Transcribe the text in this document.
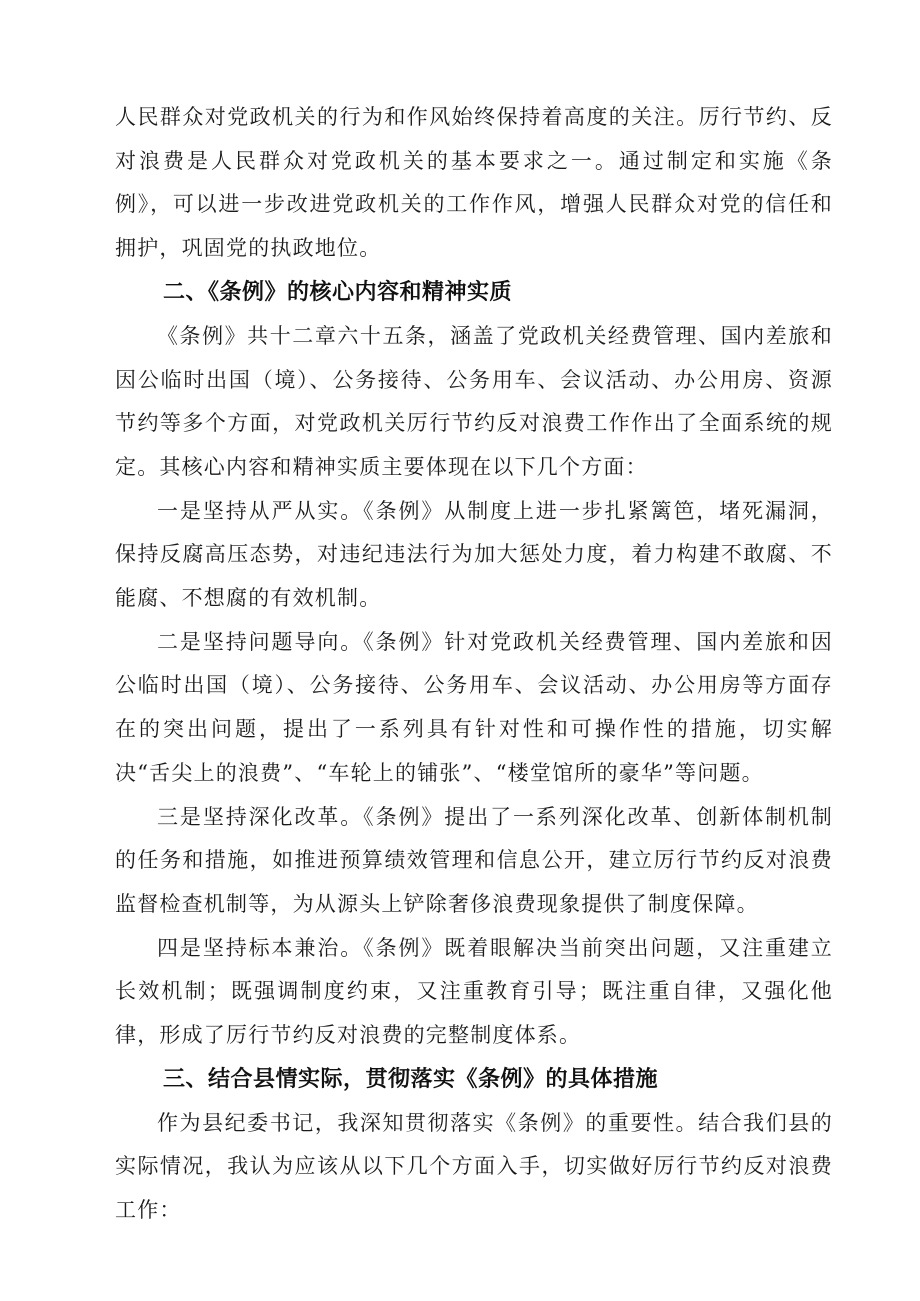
人民群众对党政机关的行为和作风始终保持着高度的关注。厉行节约、反对浪费是人民群众对党政机关的基本要求之一。通过制定和实施《条例》，可以进一步改进党政机关的工作作风，增强人民群众对党的信任和拥护，巩固党的执政地位。

二、《条例》的核心内容和精神实质

《条例》共十二章六十五条，涵盖了党政机关经费管理、国内差旅和因公临时出国（境）、公务接待、公务用车、会议活动、办公用房、资源节约等多个方面，对党政机关厉行节约反对浪费工作作出了全面系统的规定。其核心内容和精神实质主要体现在以下几个方面：

一是坚持从严从实。《条例》从制度上进一步扎紧篱笆，堵死漏洞，保持反腐高压态势，对违纪违法行为加大惩处力度，着力构建不敢腐、不能腐、不想腐的有效机制。

二是坚持问题导向。《条例》针对党政机关经费管理、国内差旅和因公临时出国（境）、公务接待、公务用车、会议活动、办公用房等方面存在的突出问题，提出了一系列具有针对性和可操作性的措施，切实解决“舌尖上的浪费”、“车轮上的铺张”、“楼堂馆所的豪华”等问题。

三是坚持深化改革。《条例》提出了一系列深化改革、创新体制机制的任务和措施，如推进预算绩效管理和信息公开，建立厉行节约反对浪费监督检查机制等，为从源头上铲除奢侈浪费现象提供了制度保障。

四是坚持标本兼治。《条例》既着眼解决当前突出问题，又注重建立长效机制；既强调制度约束，又注重教育引导；既注重自律，又强化他律，形成了厉行节约反对浪费的完整制度体系。

三、结合县情实际，贯彻落实《条例》的具体措施

作为县纪委书记，我深知贯彻落实《条例》的重要性。结合我们县的实际情况，我认为应该从以下几个方面入手，切实做好厉行节约反对浪费工作：
